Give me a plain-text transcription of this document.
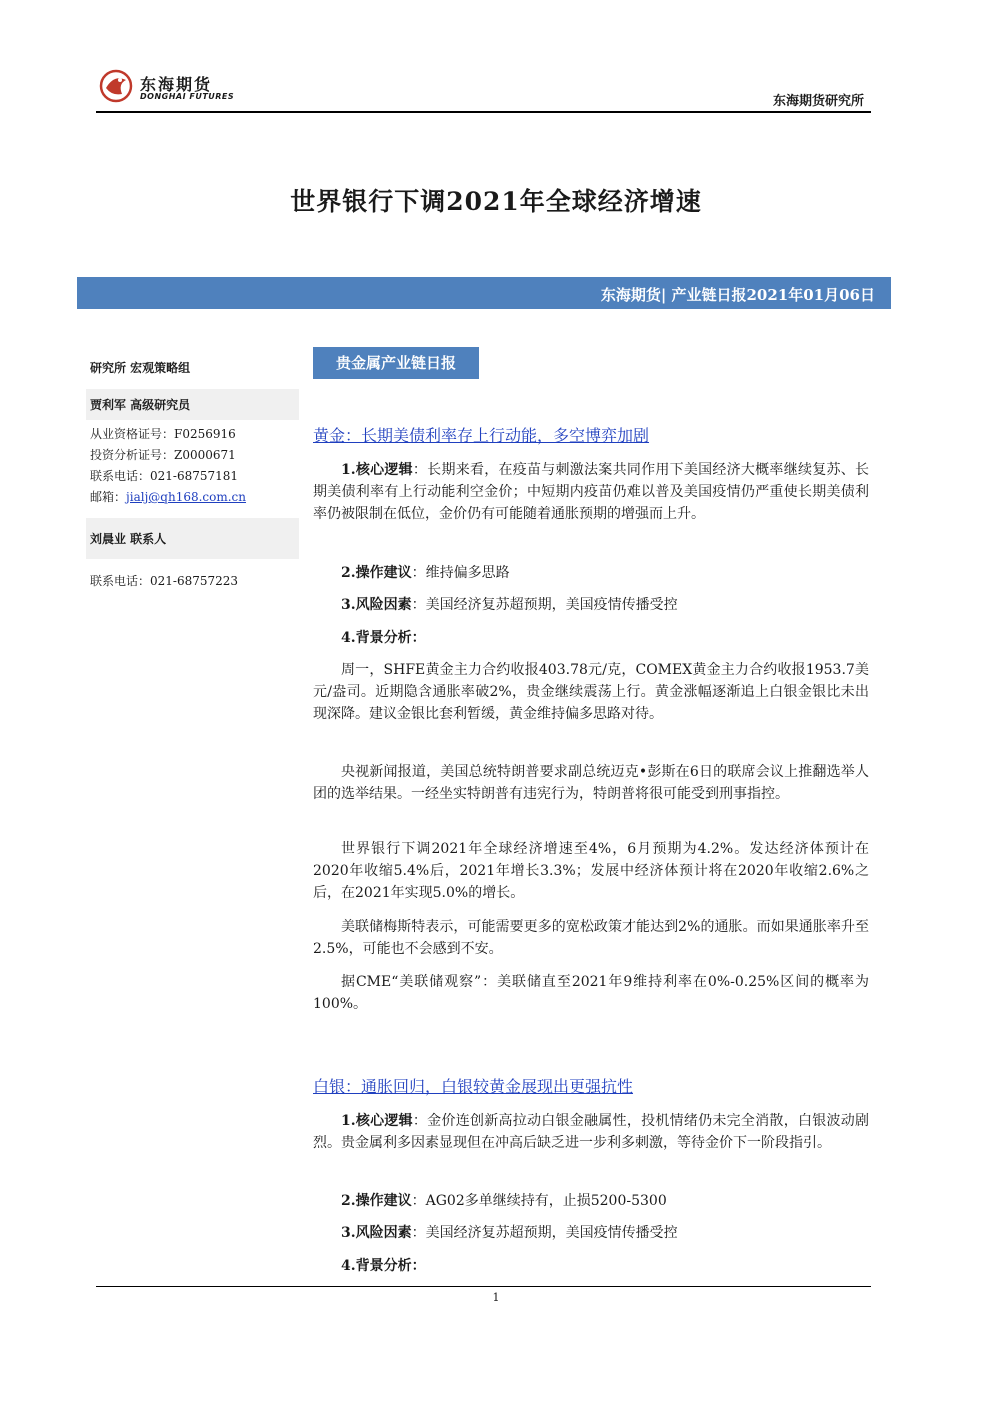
东海期货
DONGHAI FUTURES	东海期货研究所
世界银行下调2021年全球经济增速
东海期货| 产业链日报2021年01月06日
研究所 宏观策略组
贾利军 高级研究员
从业资格证号：F0256916
投资分析证号：Z0000671
联系电话：021-68757181
邮箱：jialj@qh168.com.cn
刘晨业 联系人
联系电话：021-68757223
贵金属产业链日报
黄金：长期美债利率存上行动能，多空博弈加剧

1.核心逻辑：长期来看，在疫苗与刺激法案共同作用下美国经济大概率继续复苏、长期美债利率有上行动能利空金价；中短期内疫苗仍难以普及美国疫情仍严重使长期美债利率仍被限制在低位，金价仍有可能随着通胀预期的增强而上升。

2.操作建议：维持偏多思路

3.风险因素：美国经济复苏超预期，美国疫情传播受控

4.背景分析：

周一，SHFE黄金主力合约收报403.78元/克，COMEX黄金主力合约收报1953.7美元/盎司。近期隐含通胀率破2%，贵金继续震荡上行。黄金涨幅逐渐追上白银金银比未出现深降。建议金银比套利暂缓，黄金维持偏多思路对待。

央视新闻报道，美国总统特朗普要求副总统迈克•彭斯在6日的联席会议上推翻选举人团的选举结果。一经坐实特朗普有违宪行为，特朗普将很可能受到刑事指控。

世界银行下调2021年全球经济增速至4%，6月预期为4.2%。发达经济体预计在2020年收缩5.4%后，2021年增长3.3%；发展中经济体预计将在2020年收缩2.6%之后，在2021年实现5.0%的增长。

美联储梅斯特表示，可能需要更多的宽松政策才能达到2%的通胀。而如果通胀率升至2.5%，可能也不会感到不安。

据CME“美联储观察”：美联储直至2021年9维持利率在0%-0.25%区间的概率为100%。

白银：通胀回归，白银较黄金展现出更强抗性

1.核心逻辑：金价连创新高拉动白银金融属性，投机情绪仍未完全消散，白银波动剧烈。贵金属利多因素显现但在冲高后缺乏进一步利多刺激，等待金价下一阶段指引。

2.操作建议：AG02多单继续持有，止损5200-5300

3.风险因素：美国经济复苏超预期，美国疫情传播受控

4.背景分析：

1
